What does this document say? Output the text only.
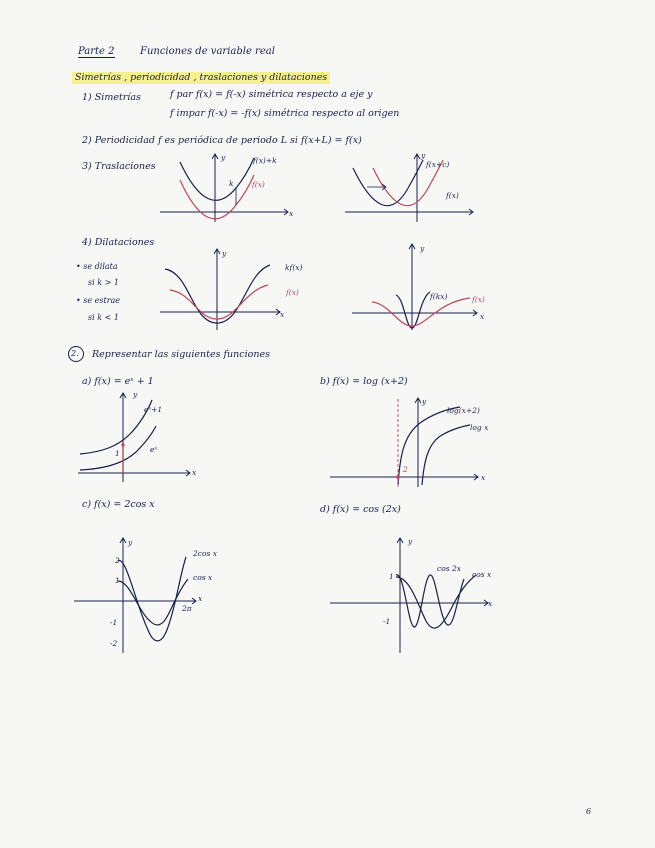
Parte 2	Funciones de variable real
Simetrías , periodicidad , traslaciones y dilataciones
1) Simetrías	f par f(x) = f(-x) simétrica respecto a eje y
f impar f(-x) = -f(x) simétrica respecto al origen
2) Periodicidad f es periódica de periodo L si f(x+L) = f(x)
3) Traslaciones
f(x)+k
f(x)
k
y
x
f(x+c)
f(x)
y
4) Dilataciones
• se dilata
si k > 1
• se estrae
si k < 1
y
kf(x)
f(x)
x
y
f(kx)	f(x)
x
2. Representar las siguientes funciones
a) f(x) = eˣ + 1
y
eˣ+1
eˣ
1
x
b) f(x) = log (x+2)
y
log(x+2)
log x
2
x
c) f(x) = 2cos x
y
2cos x
cos x
2
1
-1
-2
2π
x
d) f(x) = cos (2x)
y
cos 2x
cos x
1
-1
x
6
